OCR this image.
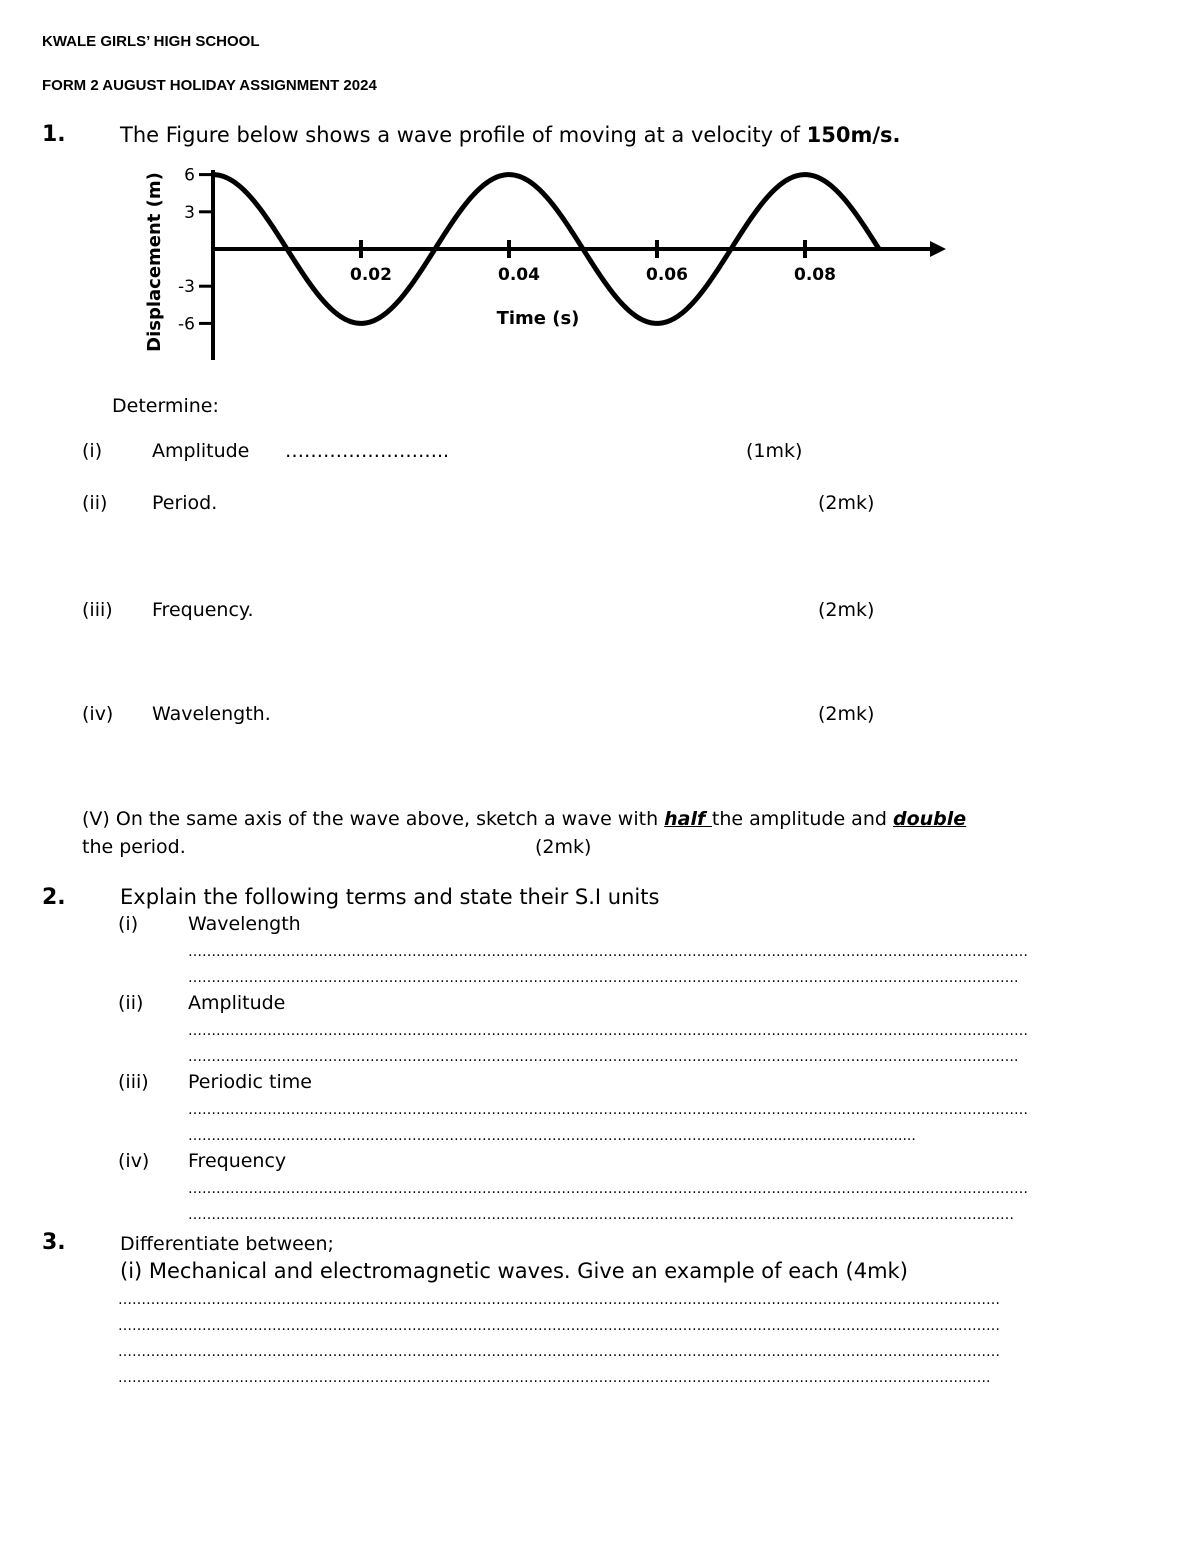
KWALE GIRLS’ HIGH SCHOOL
FORM 2 AUGUST HOLIDAY ASSIGNMENT 2024
1.	The Figure below shows a wave profile of moving at a velocity of 150m/s.
6
3
-3
-6
0.02	0.04	0.06	0.08
Time (s)
Displacement (m)
Determine:
(i)	Amplitude ……………………..	(1mk)
(ii) Period.	(2mk)
(iii) Frequency.	(2mk)
(iv) Wavelength.	(2mk)
(V) On the same axis of the wave above, sketch a wave with half the amplitude and double
the period.	(2mk)
2.	Explain the following terms and state their S.I units
(i)	Wavelength
………………………………………………………………………………………………………………………………………………………………
…………………………………………………………………………………………………………………………………………………………….
(ii) Amplitude
………………………………………………………………………………………………………………………………………………………………
…………………………………………………………………………………………………………………………………………………………….
(iii) Periodic time
………………………………………………………………………………………………………………………………………………………………
……………………………………………………………………………………………………............................................
(iv) Frequency
………………………………………………………………………………………………………………………………………………………………
……………………………………………………………………………………………………………………………………………………………
3.	Differentiate between;
(i) Mechanical and electromagnetic waves. Give an example of each (4mk)
………………………………………………………………………………………………………………………………………………………………………
………………………………………………………………………………………………………………………………………………………………………
………………………………………………………………………………………………………………………………………………………………………
…………………………………………………………………………………………………………………………………………………………………….
